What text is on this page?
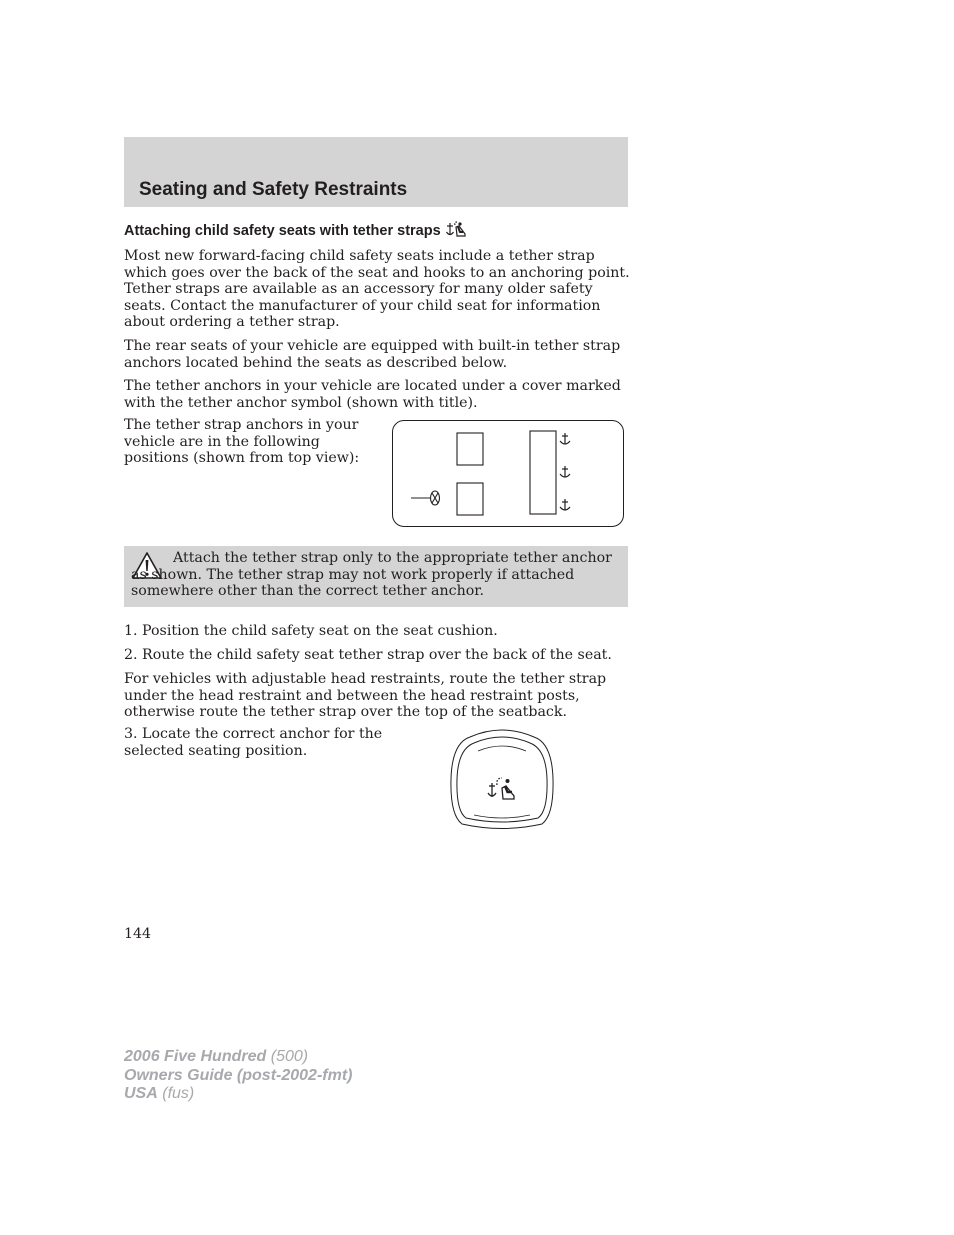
Seating and Safety Restraints
Attaching child safety seats with tether straps
Most new forward-facing child safety seats include a tether strap which goes over the back of the seat and hooks to an anchoring point. Tether straps are available as an accessory for many older safety seats. Contact the manufacturer of your child seat for information about ordering a tether strap.
The rear seats of your vehicle are equipped with built-in tether strap anchors located behind the seats as described below.
The tether anchors in your vehicle are located under a cover marked with the tether anchor symbol (shown with title).
The tether strap anchors in your vehicle are in the following positions (shown from top view):
Attach the tether strap only to the appropriate tether anchor as shown. The tether strap may not work properly if attached somewhere other than the correct tether anchor.
1. Position the child safety seat on the seat cushion.
2. Route the child safety seat tether strap over the back of the seat.
For vehicles with adjustable head restraints, route the tether strap under the head restraint and between the head restraint posts, otherwise route the tether strap over the top of the seatback.
3. Locate the correct anchor for the selected seating position.
144
2006 Five Hundred (500)
Owners Guide (post-2002-fmt)
USA (fus)
